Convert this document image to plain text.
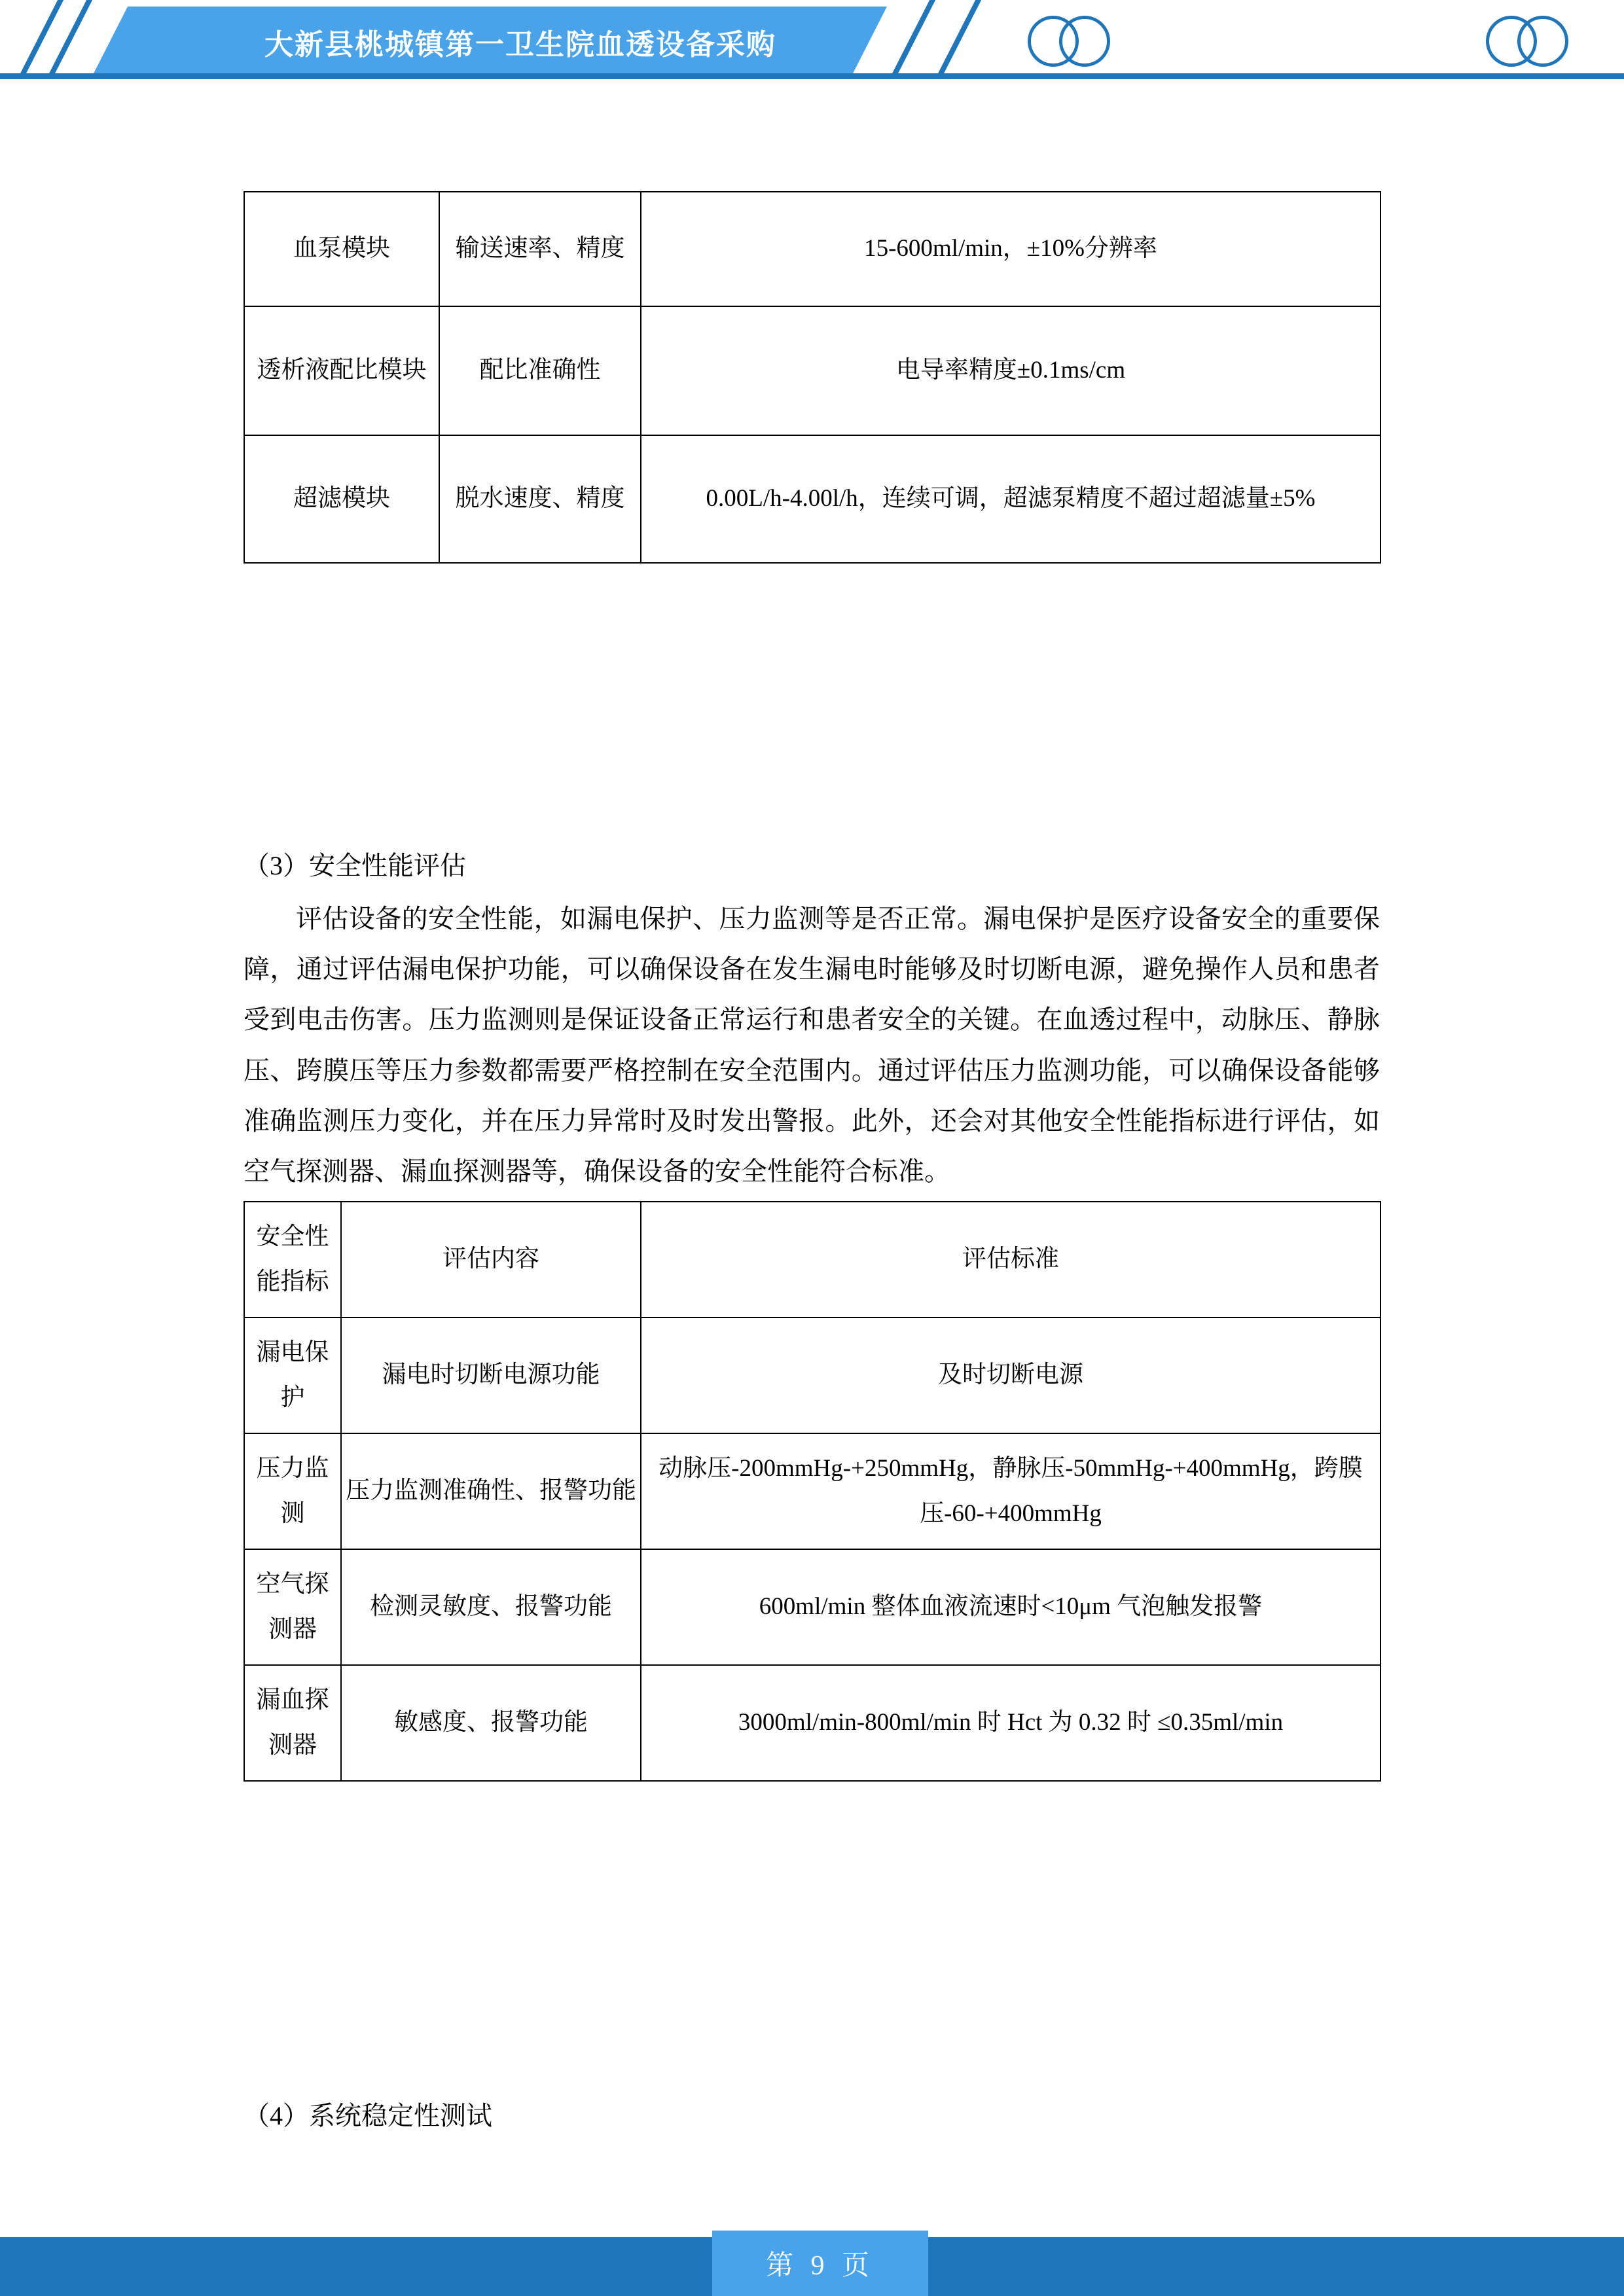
大新县桃城镇第一卫生院血透设备采购
血泵模块	输送速率、精度	15-600ml/min，±10%分辨率
透析液配比模块	配比准确性	电导率精度±0.1ms/cm
超滤模块	脱水速度、精度	0.00L/h-4.00l/h，连续可调，超滤泵精度不超过超滤量±5%
（3）安全性能评估

评估设备的安全性能，如漏电保护、压力监测等是否正常。漏电保护是医疗设备安全的重要保障，通过评估漏电保护功能，可以确保设备在发生漏电时能够及时切断电源，避免操作人员和患者受到电击伤害。压力监测则是保证设备正常运行和患者安全的关键。在血透过程中，动脉压、静脉压、跨膜压等压力参数都需要严格控制在安全范围内。通过评估压力监测功能，可以确保设备能够准确监测压力变化，并在压力异常时及时发出警报。此外，还会对其他安全性能指标进行评估，如空气探测器、漏血探测器等，确保设备的安全性能符合标准。

安全性能指标	评估内容	评估标准
漏电保护	漏电时切断电源功能	及时切断电源
压力监测	压力监测准确性、报警功能	动脉压-200mmHg-+250mmHg，静脉压-50mmHg-+400mmHg，跨膜压-60-+400mmHg
空气探测器	检测灵敏度、报警功能	600ml/min 整体血液流速时<10μm 气泡触发报警
漏血探测器	敏感度、报警功能	3000ml/min-800ml/min 时 Hct 为 0.32 时 ≤0.35ml/min
（4）系统稳定性测试
第 9 页
